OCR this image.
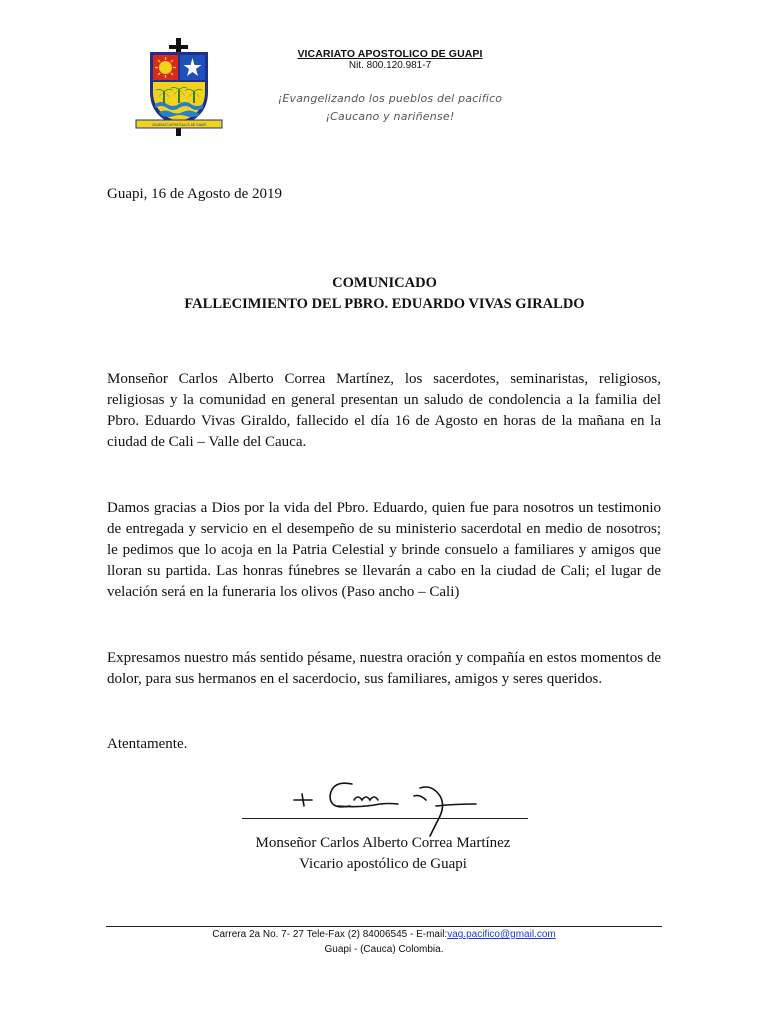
VICARIATO APOSTOLICO DE GUAPI
VICARIATO APOSTOLICO DE GUAPI
Nit. 800.120.981-7
¡Evangelizando los pueblos del pacifico
¡Caucano y nariñense!
Guapi, 16 de Agosto de 2019
COMUNICADO
FALLECIMIENTO DEL PBRO. EDUARDO VIVAS GIRALDO

Monseñor Carlos Alberto Correa Martínez, los sacerdotes, seminaristas, religiosos, religiosas y la comunidad en general presentan un saludo de condolencia a la familia del Pbro. Eduardo Vivas Giraldo, fallecido el día 16 de Agosto en horas de la mañana en la ciudad de Cali – Valle del Cauca.

Damos gracias a Dios por la vida del Pbro. Eduardo, quien fue para nosotros un testimonio de entregada y servicio en el desempeño de su ministerio sacerdotal en medio de nosotros; le pedimos que lo acoja en la Patria Celestial y brinde consuelo a familiares y amigos que lloran su partida. Las honras fúnebres se llevarán a cabo en la ciudad de Cali; el lugar de velación será en la funeraria los olivos (Paso ancho – Cali)

Expresamos nuestro más sentido pésame, nuestra oración y compañía en estos momentos de dolor, para sus hermanos en el sacerdocio, sus familiares, amigos y seres queridos.

Atentamente.
Monseñor Carlos Alberto Correa Martínez
Vicario apostólico de Guapi
Carrera 2a No. 7- 27 Tele-Fax (2) 84006545 - E-mail:vag.pacifico@gmail.com
Guapi - (Cauca) Colombia.
